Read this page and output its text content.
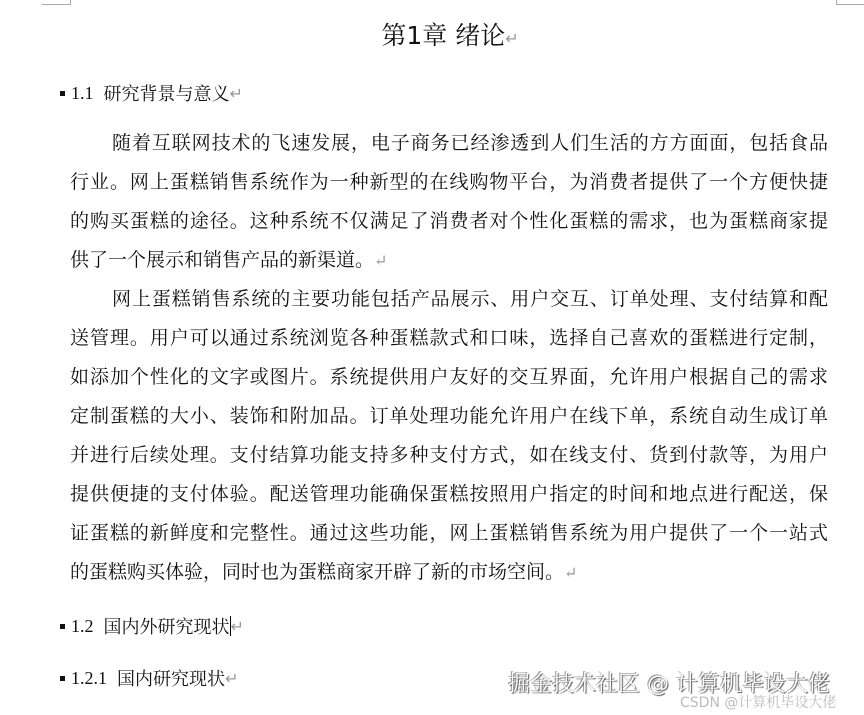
第1章 绪论↵
1.1 研究背景与意义 ↵
随着互联网技术的飞速发展，电子商务已经渗透到人们生活的方方面面，包括食品
行业。网上蛋糕销售系统作为一种新型的在线购物平台，为消费者提供了一个方便快捷
的购买蛋糕的途径。这种系统不仅满足了消费者对个性化蛋糕的需求，也为蛋糕商家提
供了一个展示和销售产品的新渠道。↵
网上蛋糕销售系统的主要功能包括产品展示、用户交互、订单处理、支付结算和配
送管理。用户可以通过系统浏览各种蛋糕款式和口味，选择自己喜欢的蛋糕进行定制，
如添加个性化的文字或图片。系统提供用户友好的交互界面，允许用户根据自己的需求
定制蛋糕的大小、装饰和附加品。订单处理功能允许用户在线下单，系统自动生成订单
并进行后续处理。支付结算功能支持多种支付方式，如在线支付、货到付款等，为用户
提供便捷的支付体验。配送管理功能确保蛋糕按照用户指定的时间和地点进行配送，保
证蛋糕的新鲜度和完整性。通过这些功能，网上蛋糕销售系统为用户提供了一个一站式
的蛋糕购买体验，同时也为蛋糕商家开辟了新的市场空间。↵
1.2 国内外研究现状 ↵
1.2.1 国内研究现状 ↵	掘金技术社区 @ 计算机毕设大佬
CSDN @计算机毕设大佬
